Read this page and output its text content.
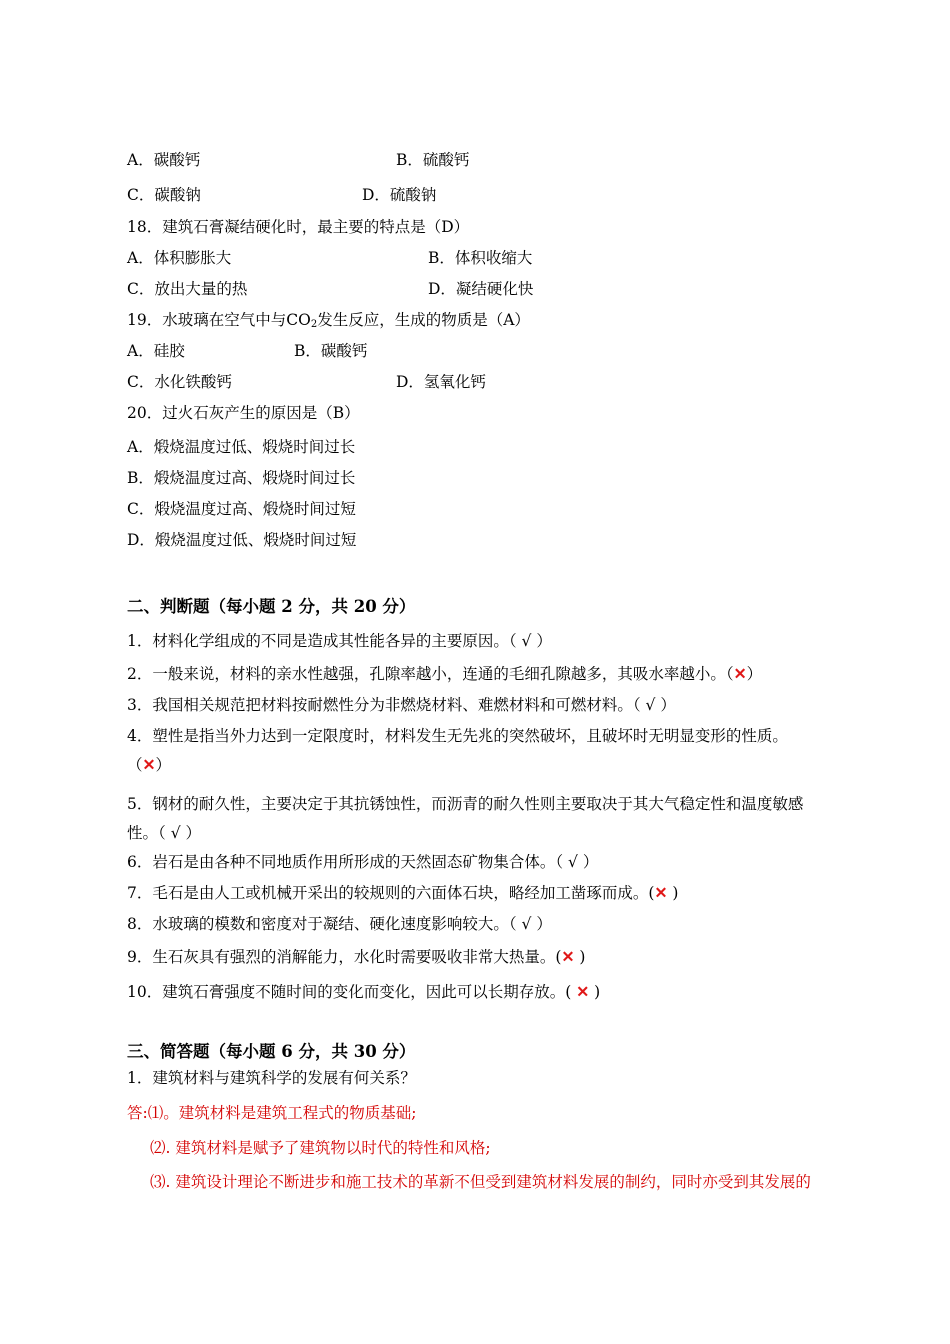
A．碳酸钙	B．硫酸钙
C．碳酸钠	D．硫酸钠
18．建筑石膏凝结硬化时，最主要的特点是（D）
A．体积膨胀大	B．体积收缩大
C．放出大量的热	D．凝结硬化快
19．水玻璃在空气中与$CO_2$发生反应，生成的物质是（A）
A．硅胶	B．碳酸钙
C．水化铁酸钙	D．氢氧化钙
20．过火石灰产生的原因是（B）
A．煅烧温度过低、煅烧时间过长
B．煅烧温度过高、煅烧时间过长
C．煅烧温度过高、煅烧时间过短
D．煅烧温度过低、煅烧时间过短
二、判断题（每小题 2 分，共 20 分）
1．材料化学组成的不同是造成其性能各异的主要原因。（ √ ）
2．一般来说，材料的亲水性越强，孔隙率越小，连通的毛细孔隙越多，其吸水率越小。（✕）
3．我国相关规范把材料按耐燃性分为非燃烧材料、难燃材料和可燃材料。（ √ ）
4．塑性是指当外力达到一定限度时，材料发生无先兆的突然破坏，且破坏时无明显变形的性质。
（✕）
5．钢材的耐久性，主要决定于其抗锈蚀性，而沥青的耐久性则主要取决于其大气稳定性和温度敏感
性。（ √ ）
6．岩石是由各种不同地质作用所形成的天然固态矿物集合体。（ √ ）
7．毛石是由人工或机械开采出的较规则的六面体石块，略经加工凿琢而成。(✕ )
8．水玻璃的模数和密度对于凝结、硬化速度影响较大。（ √ ）
9．生石灰具有强烈的消解能力，水化时需要吸收非常大热量。(✕ )
10．建筑石膏强度不随时间的变化而变化，因此可以长期存放。( ✕ )
三、简答题（每小题 6 分，共 30 分）
1．建筑材料与建筑科学的发展有何关系？
答:⑴。建筑材料是建筑工程式的物质基础;
⑵. 建筑材料是赋予了建筑物以时代的特性和风格;
⑶. 建筑设计理论不断进步和施工技术的革新不但受到建筑材料发展的制约，同时亦受到其发展的
